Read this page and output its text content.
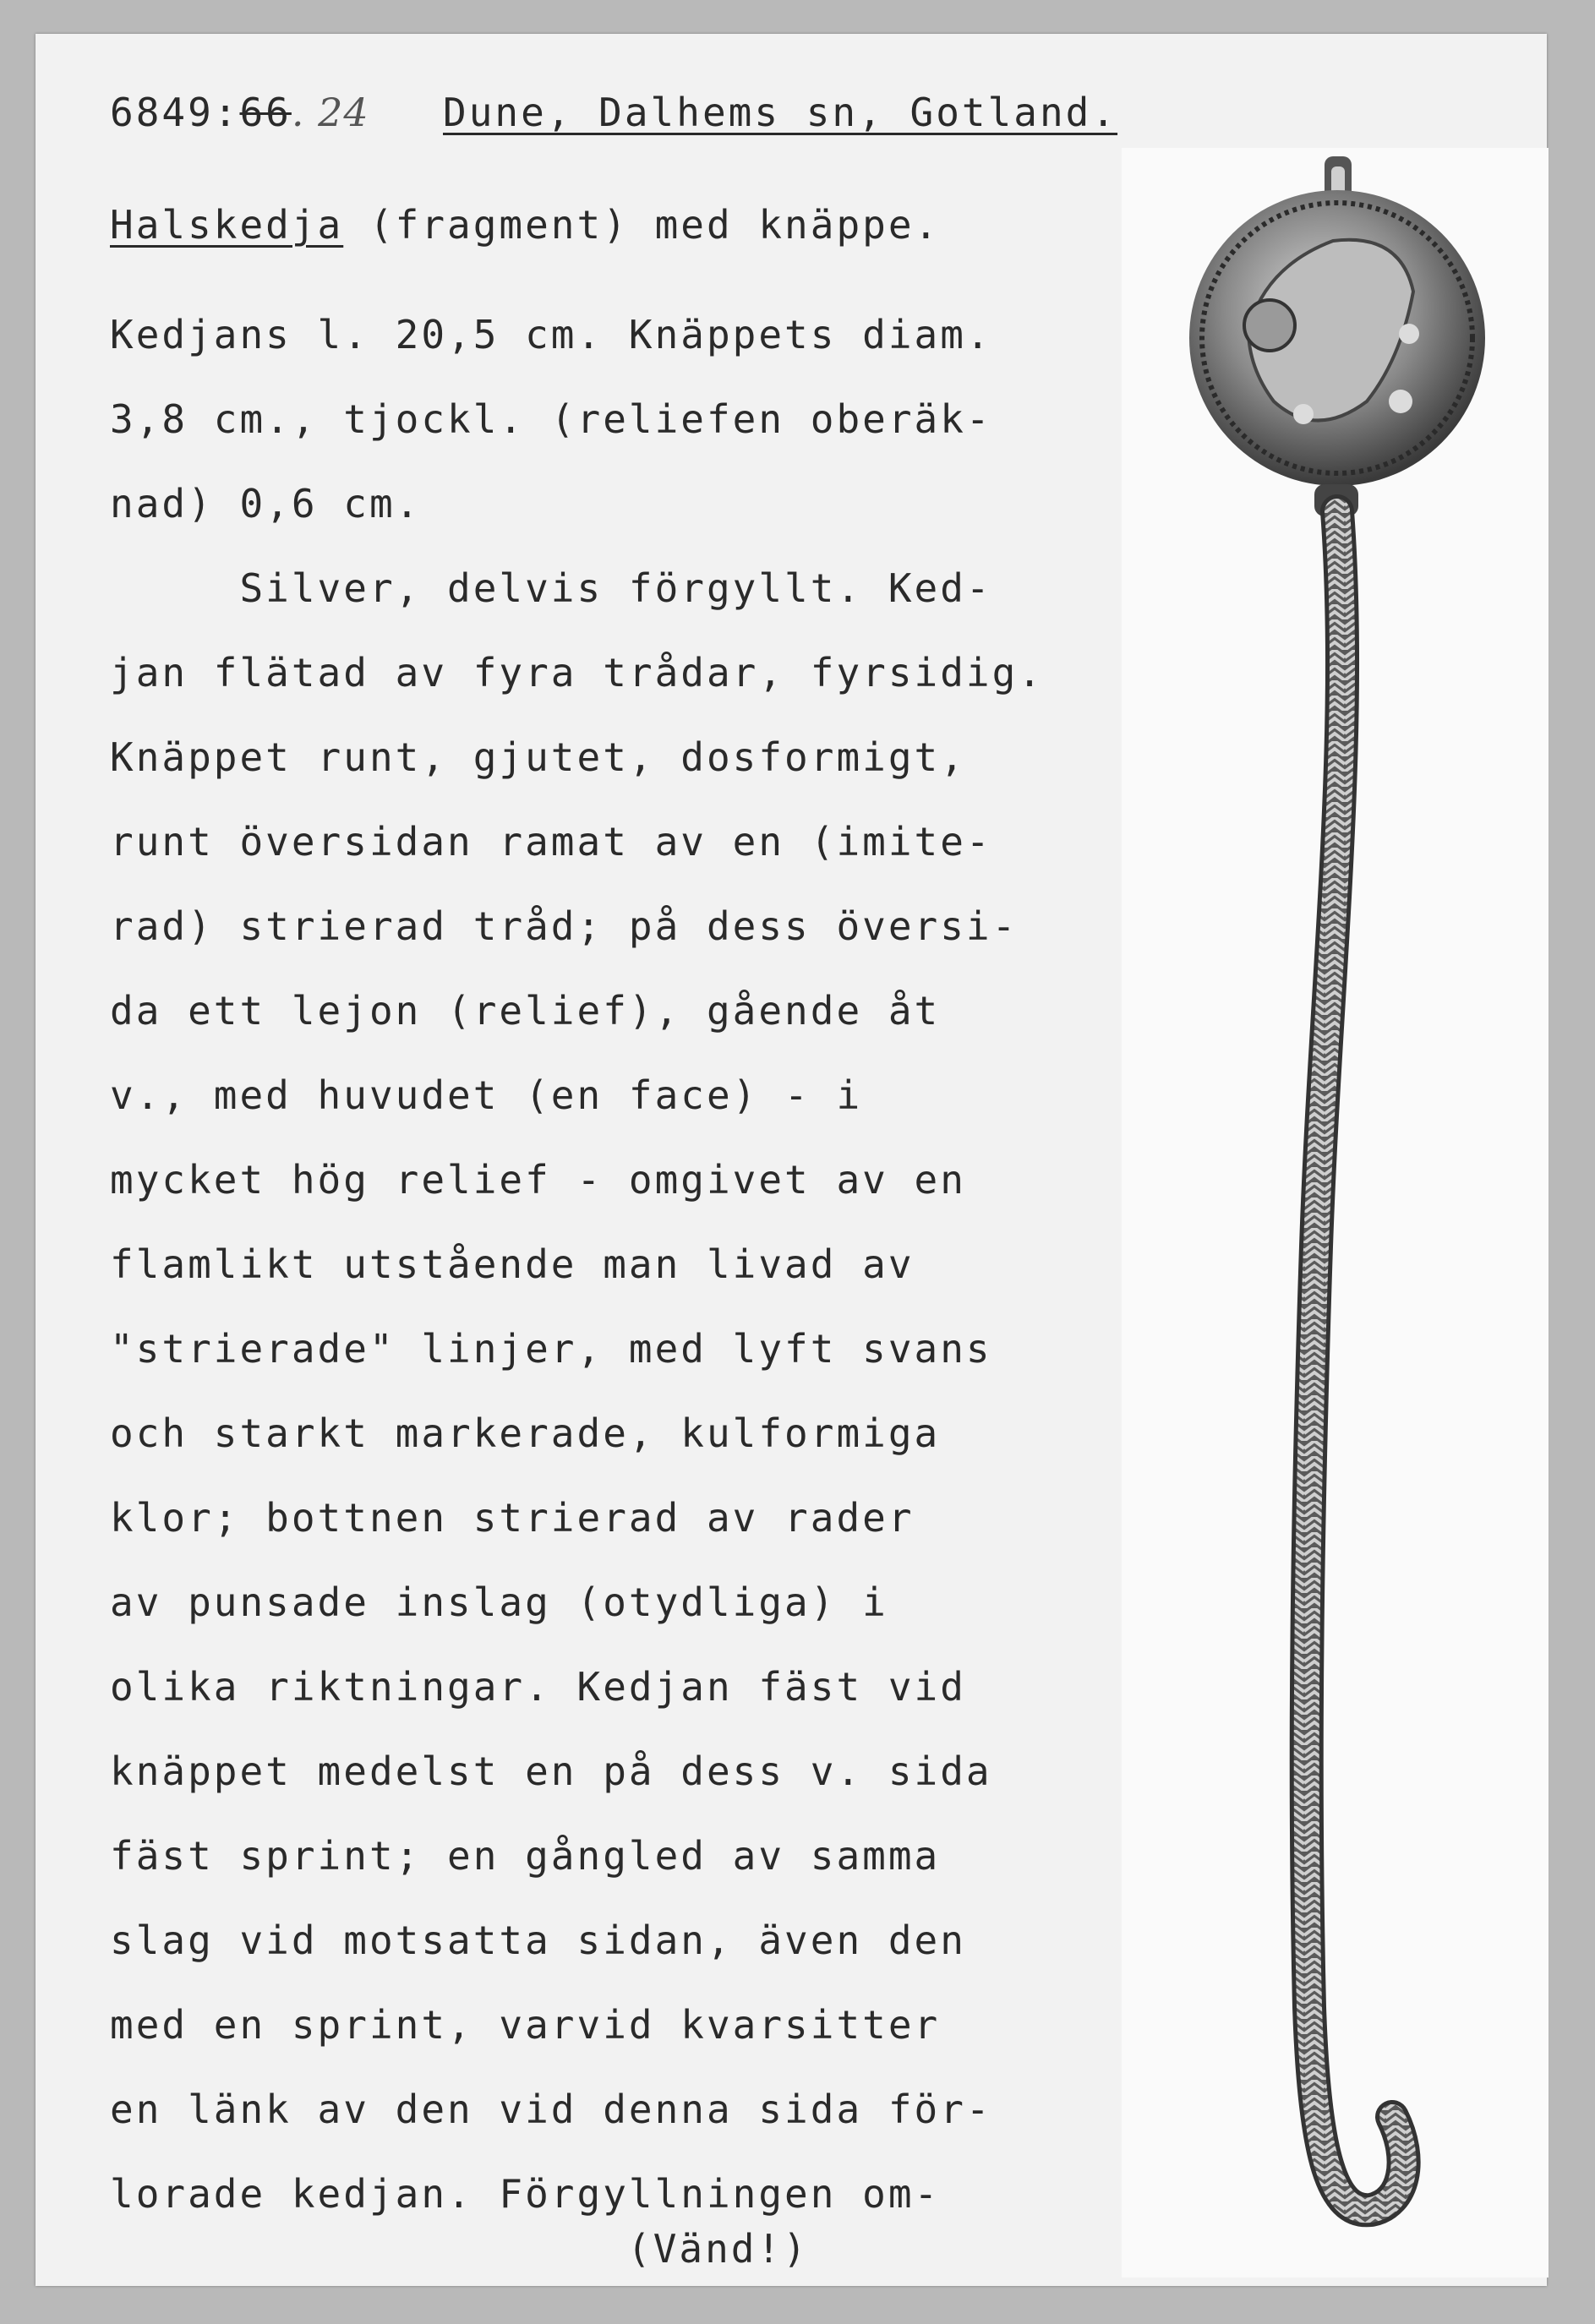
6849:66. 24 Dune, Dalhems sn, Gotland.
Halskedja (fragment) med knäppe.
Kedjans l. 20,5 cm. Knäppets diam.
3,8 cm., tjockl. (reliefen oberäk-
nad) 0,6 cm.
Silver, delvis förgyllt. Ked-
jan flätad av fyra trådar, fyrsidig.
Knäppet runt, gjutet, dosformigt,
runt översidan ramat av en (imite-
rad) strierad tråd; på dess översi-
da ett lejon (relief), gående åt
v., med huvudet (en face) - i
mycket hög relief - omgivet av en
flamlikt utstående man livad av
"strierade" linjer, med lyft svans
och starkt markerade, kulformiga
klor; bottnen strierad av rader
av punsade inslag (otydliga) i
olika riktningar. Kedjan fäst vid
knäppet medelst en på dess v. sida
fäst sprint; en gångled av samma
slag vid motsatta sidan, även den
med en sprint, varvid kvarsitter
en länk av den vid denna sida för-
lorade kedjan. Förgyllningen om-
(Vänd!)
